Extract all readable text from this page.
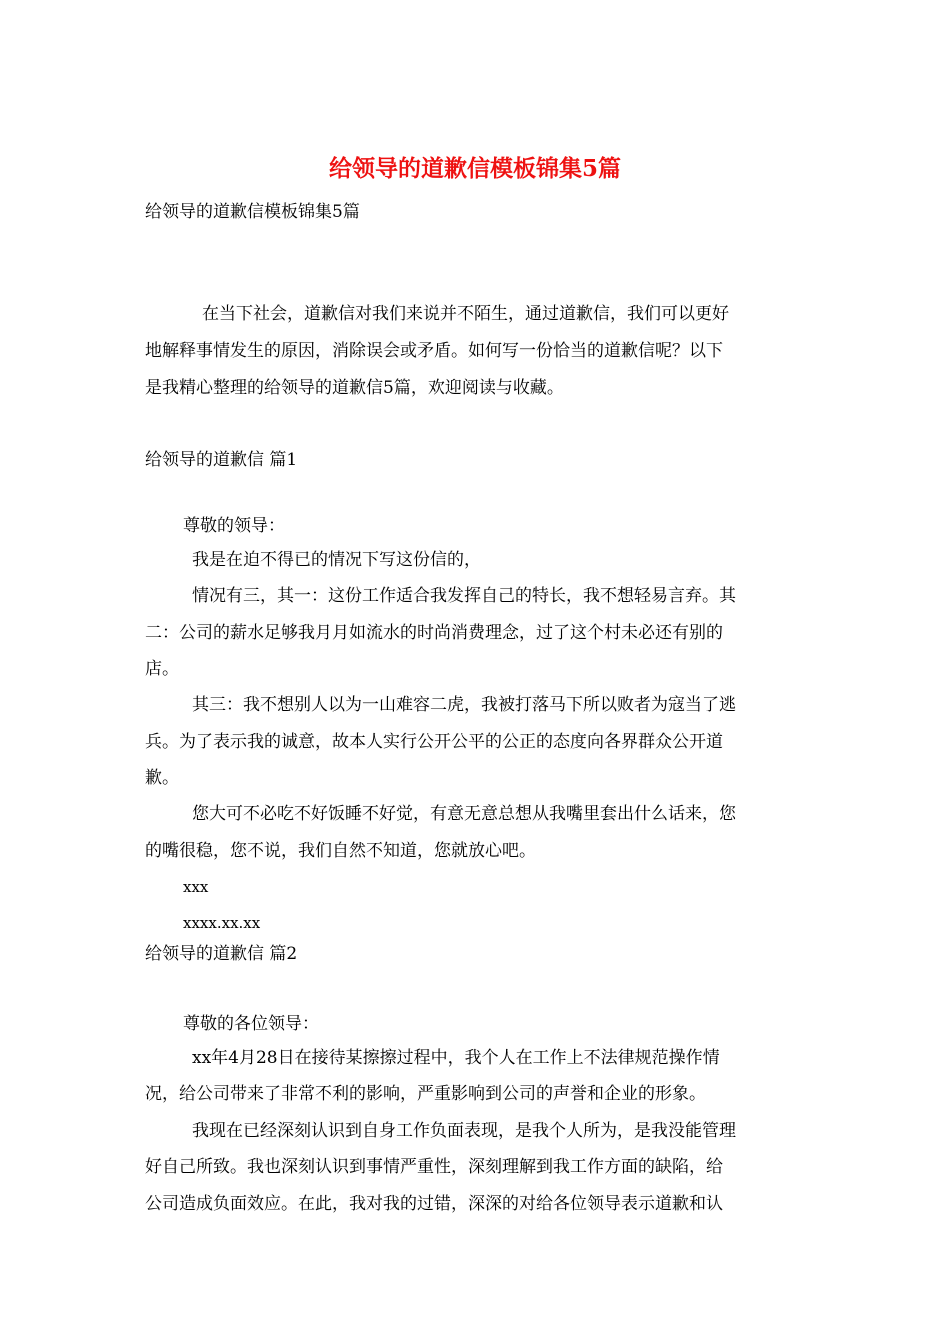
给领导的道歉信模板锦集5篇
给领导的道歉信模板锦集5篇
在当下社会，道歉信对我们来说并不陌生，通过道歉信，我们可以更好
地解释事情发生的原因，消除误会或矛盾。如何写一份恰当的道歉信呢？以下
是我精心整理的给领导的道歉信5篇，欢迎阅读与收藏。
给领导的道歉信 篇1
尊敬的领导：
我是在迫不得已的情况下写这份信的，
情况有三，其一：这份工作适合我发挥自己的特长，我不想轻易言弃。其
二：公司的薪水足够我月月如流水的时尚消费理念，过了这个村未必还有别的
店。
其三：我不想别人以为一山难容二虎，我被打落马下所以败者为寇当了逃
兵。为了表示我的诚意，故本人实行公开公平的公正的态度向各界群众公开道
歉。
您大可不必吃不好饭睡不好觉，有意无意总想从我嘴里套出什么话来，您
的嘴很稳，您不说，我们自然不知道，您就放心吧。
xxx
xxxx.xx.xx
给领导的道歉信 篇2
尊敬的各位领导：
xx年4月28日在接待某擦擦过程中，我个人在工作上不法律规范操作情
况，给公司带来了非常不利的影响，严重影响到公司的声誉和企业的形象。
我现在已经深刻认识到自身工作负面表现，是我个人所为，是我没能管理
好自己所致。我也深刻认识到事情严重性，深刻理解到我工作方面的缺陷，给
公司造成负面效应。在此，我对我的过错，深深的对给各位领导表示道歉和认
